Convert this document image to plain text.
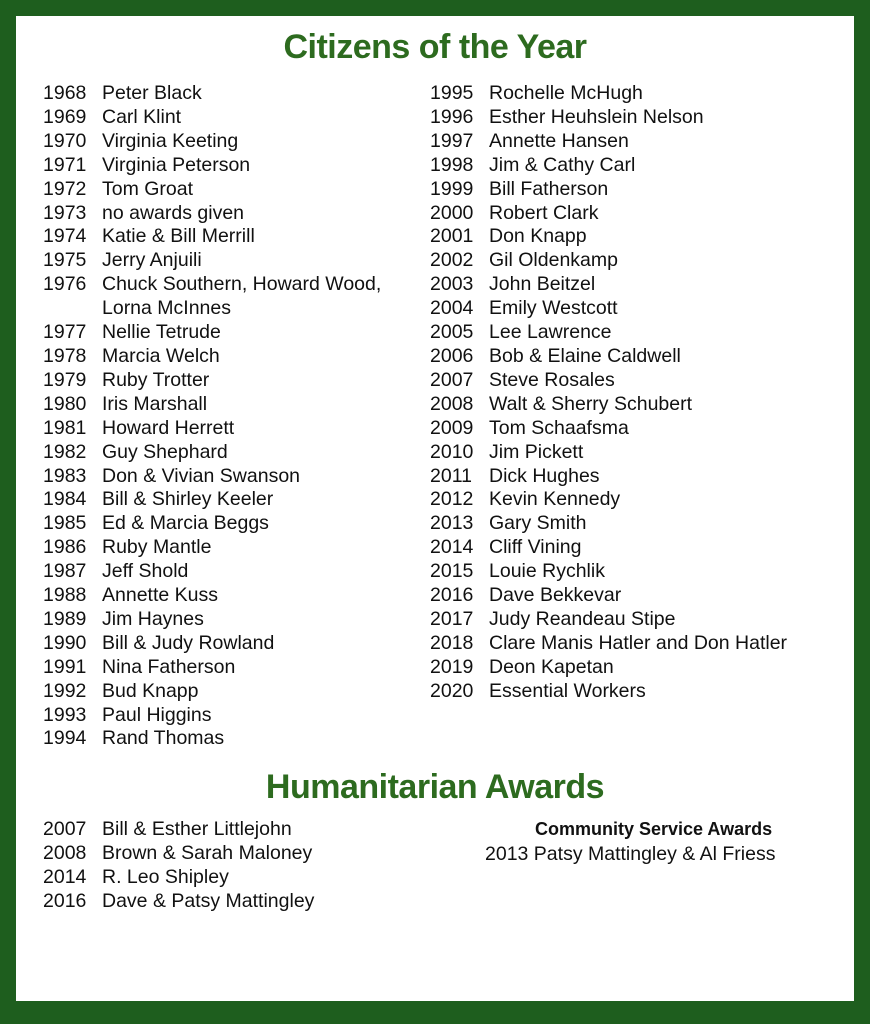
Citizens of the Year
1968 Peter Black
1969 Carl Klint
1970 Virginia Keeting
1971 Virginia Peterson
1972 Tom Groat
1973 no awards given
1974 Katie & Bill Merrill
1975 Jerry Anjuili
1976 Chuck Southern, Howard Wood,
Lorna McInnes
1977 Nellie Tetrude
1978 Marcia Welch
1979 Ruby Trotter
1980 Iris Marshall
1981 Howard Herrett
1982 Guy Shephard
1983 Don & Vivian Swanson
1984 Bill & Shirley Keeler
1985 Ed & Marcia Beggs
1986 Ruby Mantle
1987 Jeff Shold
1988 Annette Kuss
1989 Jim Haynes
1990 Bill & Judy Rowland
1991 Nina Fatherson
1992 Bud Knapp
1993 Paul Higgins
1994 Rand Thomas
1995 Rochelle McHugh
1996 Esther Heuhslein Nelson
1997 Annette Hansen
1998 Jim & Cathy Carl
1999 Bill Fatherson
2000 Robert Clark
2001 Don Knapp
2002 Gil Oldenkamp
2003 John Beitzel
2004 Emily Westcott
2005 Lee Lawrence
2006 Bob & Elaine Caldwell
2007 Steve Rosales
2008 Walt & Sherry Schubert
2009 Tom Schaafsma
2010 Jim Pickett
2011 Dick Hughes
2012 Kevin Kennedy
2013 Gary Smith
2014 Cliff Vining
2015 Louie Rychlik
2016 Dave Bekkevar
2017 Judy Reandeau Stipe
2018 Clare Manis Hatler and Don Hatler
2019 Deon Kapetan
2020 Essential Workers
Humanitarian Awards
2007 Bill & Esther Littlejohn
2008 Brown & Sarah Maloney
2014 R. Leo Shipley
2016 Dave & Patsy Mattingley
Community Service Awards
2013 Patsy Mattingley & Al Friess
